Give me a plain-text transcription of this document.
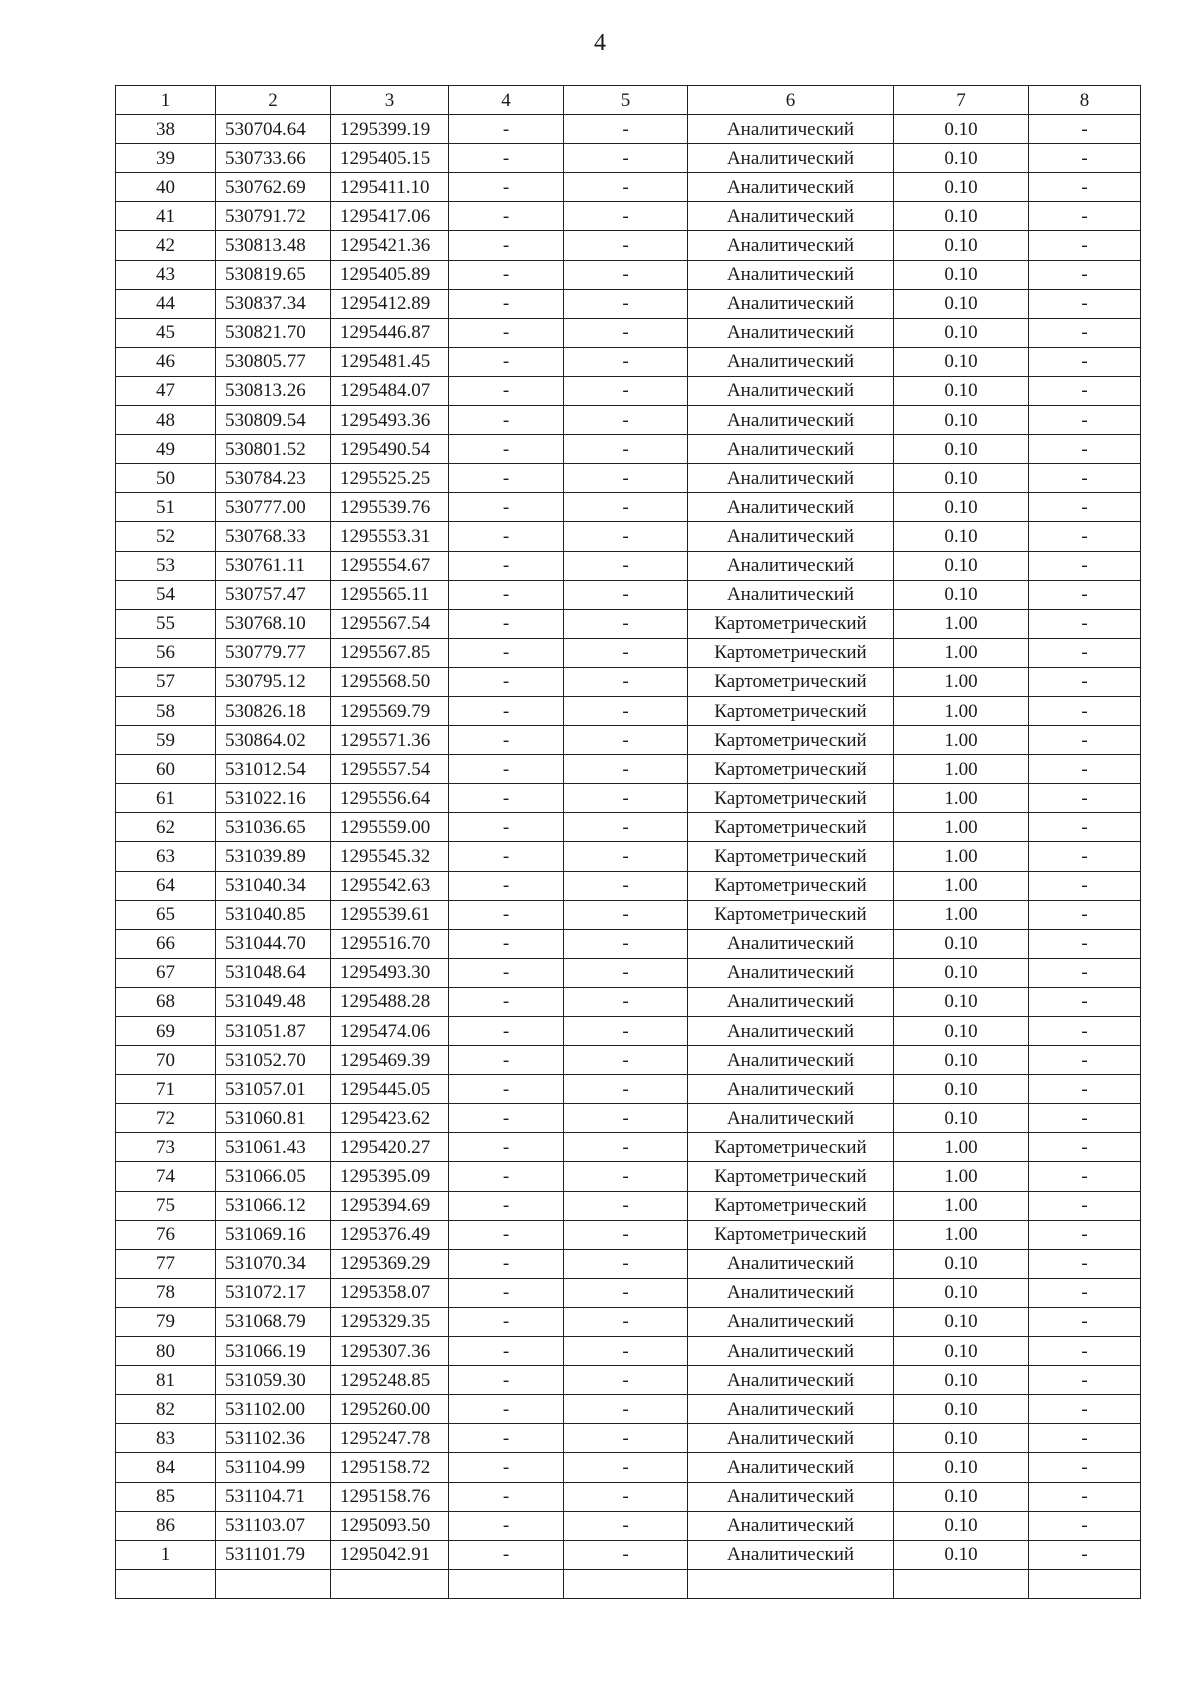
4
1	2	3	4	5	6	7	8
38	530704.64	1295399.19	-	-	Аналитический	0.10	-
39	530733.66	1295405.15	-	-	Аналитический	0.10	-
40	530762.69	1295411.10	-	-	Аналитический	0.10	-
41	530791.72	1295417.06	-	-	Аналитический	0.10	-
42	530813.48	1295421.36	-	-	Аналитический	0.10	-
43	530819.65	1295405.89	-	-	Аналитический	0.10	-
44	530837.34	1295412.89	-	-	Аналитический	0.10	-
45	530821.70	1295446.87	-	-	Аналитический	0.10	-
46	530805.77	1295481.45	-	-	Аналитический	0.10	-
47	530813.26	1295484.07	-	-	Аналитический	0.10	-
48	530809.54	1295493.36	-	-	Аналитический	0.10	-
49	530801.52	1295490.54	-	-	Аналитический	0.10	-
50	530784.23	1295525.25	-	-	Аналитический	0.10	-
51	530777.00	1295539.76	-	-	Аналитический	0.10	-
52	530768.33	1295553.31	-	-	Аналитический	0.10	-
53	530761.11	1295554.67	-	-	Аналитический	0.10	-
54	530757.47	1295565.11	-	-	Аналитический	0.10	-
55	530768.10	1295567.54	-	-	Картометрический	1.00	-
56	530779.77	1295567.85	-	-	Картометрический	1.00	-
57	530795.12	1295568.50	-	-	Картометрический	1.00	-
58	530826.18	1295569.79	-	-	Картометрический	1.00	-
59	530864.02	1295571.36	-	-	Картометрический	1.00	-
60	531012.54	1295557.54	-	-	Картометрический	1.00	-
61	531022.16	1295556.64	-	-	Картометрический	1.00	-
62	531036.65	1295559.00	-	-	Картометрический	1.00	-
63	531039.89	1295545.32	-	-	Картометрический	1.00	-
64	531040.34	1295542.63	-	-	Картометрический	1.00	-
65	531040.85	1295539.61	-	-	Картометрический	1.00	-
66	531044.70	1295516.70	-	-	Аналитический	0.10	-
67	531048.64	1295493.30	-	-	Аналитический	0.10	-
68	531049.48	1295488.28	-	-	Аналитический	0.10	-
69	531051.87	1295474.06	-	-	Аналитический	0.10	-
70	531052.70	1295469.39	-	-	Аналитический	0.10	-
71	531057.01	1295445.05	-	-	Аналитический	0.10	-
72	531060.81	1295423.62	-	-	Аналитический	0.10	-
73	531061.43	1295420.27	-	-	Картометрический	1.00	-
74	531066.05	1295395.09	-	-	Картометрический	1.00	-
75	531066.12	1295394.69	-	-	Картометрический	1.00	-
76	531069.16	1295376.49	-	-	Картометрический	1.00	-
77	531070.34	1295369.29	-	-	Аналитический	0.10	-
78	531072.17	1295358.07	-	-	Аналитический	0.10	-
79	531068.79	1295329.35	-	-	Аналитический	0.10	-
80	531066.19	1295307.36	-	-	Аналитический	0.10	-
81	531059.30	1295248.85	-	-	Аналитический	0.10	-
82	531102.00	1295260.00	-	-	Аналитический	0.10	-
83	531102.36	1295247.78	-	-	Аналитический	0.10	-
84	531104.99	1295158.72	-	-	Аналитический	0.10	-
85	531104.71	1295158.76	-	-	Аналитический	0.10	-
86	531103.07	1295093.50	-	-	Аналитический	0.10	-
1	531101.79	1295042.91	-	-	Аналитический	0.10	-
